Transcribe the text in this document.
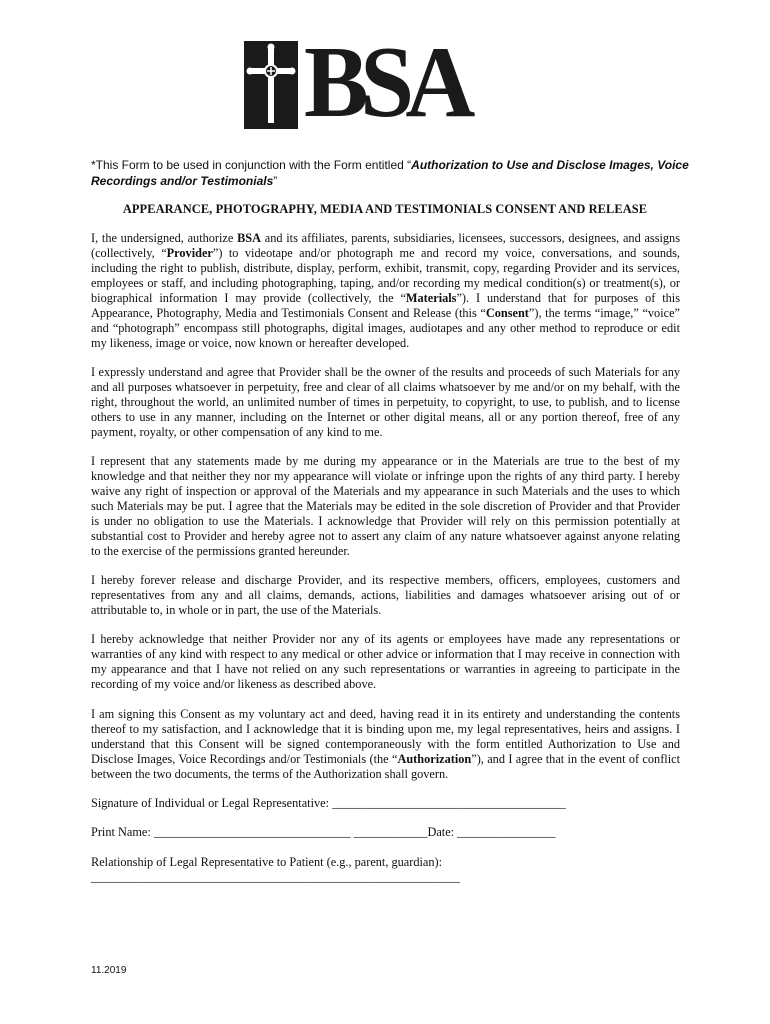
BSA
*This Form to be used in conjunction with the Form entitled “Authorization to Use and Disclose Images, Voice Recordings and/or Testimonials”
APPEARANCE, PHOTOGRAPHY, MEDIA AND TESTIMONIALS CONSENT AND RELEASE
I, the undersigned, authorize BSA and its affiliates, parents, subsidiaries, licensees, successors, designees, and assigns (collectively, “Provider”) to videotape and/or photograph me and record my voice, conversations, and sounds, including the right to publish, distribute, display, perform, exhibit, transmit, copy, regarding Provider and its services, employees or staff, and including photographing, taping, and/or recording my medical condition(s) or treatment(s), or biographical information I may provide (collectively, the “Materials”). I understand that for purposes of this Appearance, Photography, Media and Testimonials Consent and Release (this “Consent”), the terms “image,” “voice” and “photograph” encompass still photographs, digital images, audiotapes and any other method to reproduce or edit my likeness, image or voice, now known or hereafter developed.
I expressly understand and agree that Provider shall be the owner of the results and proceeds of such Materials for any and all purposes whatsoever in perpetuity, free and clear of all claims whatsoever by me and/or on my behalf, with the right, throughout the world, an unlimited number of times in perpetuity, to copyright, to use, to publish, and to license others to use in any manner, including on the Internet or other digital means, all or any portion thereof, free of any payment, royalty, or other compensation of any kind to me.
I represent that any statements made by me during my appearance or in the Materials are true to the best of my knowledge and that neither they nor my appearance will violate or infringe upon the rights of any third party. I hereby waive any right of inspection or approval of the Materials and my appearance in such Materials and the uses to which such Materials may be put. I agree that the Materials may be edited in the sole discretion of Provider and that Provider is under no obligation to use the Materials. I acknowledge that Provider will rely on this permission potentially at substantial cost to Provider and hereby agree not to assert any claim of any nature whatsoever against anyone relating to the exercise of the permissions granted hereunder.
I hereby forever release and discharge Provider, and its respective members, officers, employees, customers and representatives from any and all claims, demands, actions, liabilities and damages whatsoever arising out of or attributable to, in whole or in part, the use of the Materials.
I hereby acknowledge that neither Provider nor any of its agents or employees have made any representations or warranties of any kind with respect to any medical or other advice or information that I may receive in connection with my appearance and that I have not relied on any such representations or warranties in agreeing to participate in the recording of my voice and/or likeness as described above.
I am signing this Consent as my voluntary act and deed, having read it in its entirety and understanding the contents thereof to my satisfaction, and I acknowledge that it is binding upon me, my legal representatives, heirs and assigns. I understand that this Consent will be signed contemporaneously with the form entitled Authorization to Use and Disclose Images, Voice Recordings and/or Testimonials (the “Authorization”), and I agree that in the event of conflict between the two documents, the terms of the Authorization shall govern.
Signature of Individual or Legal Representative: ______________________________________
Print Name: ________________________________ ____________Date: ________________
Relationship of Legal Representative to Patient (e.g., parent, guardian):
____________________________________________________________
11.2019
